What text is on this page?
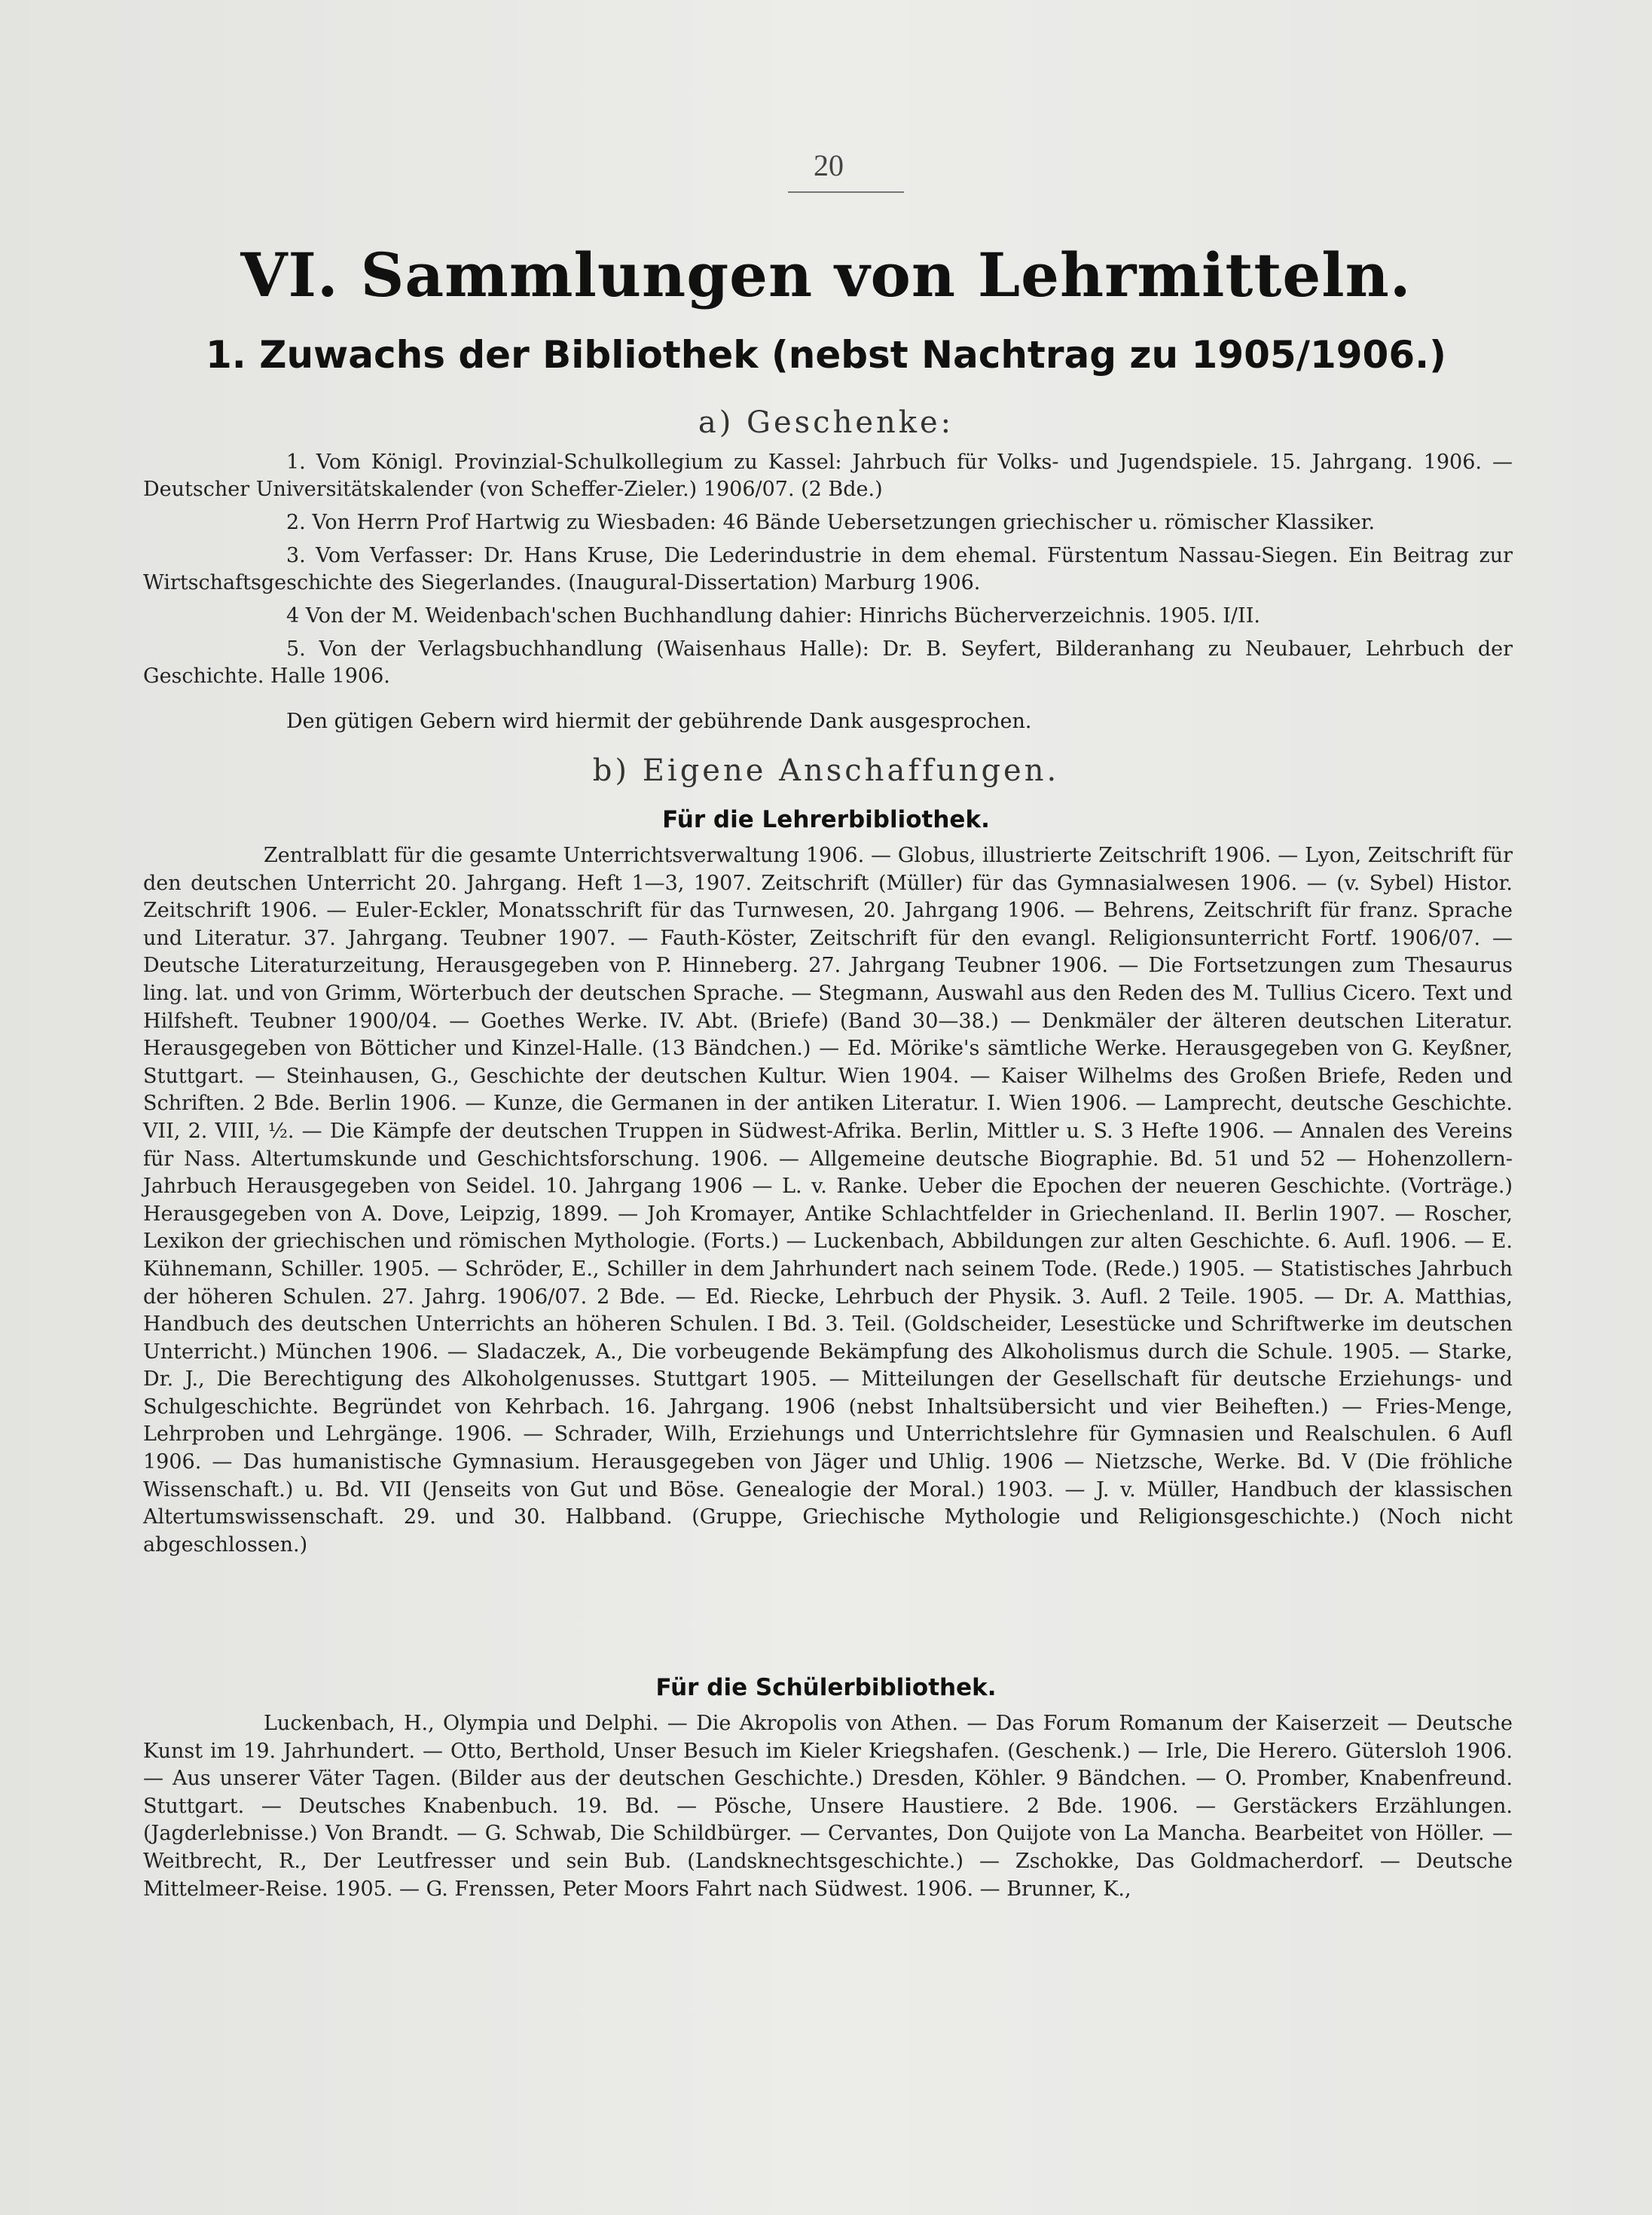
20
VI. Sammlungen von Lehrmitteln.
1. Zuwachs der Bibliothek (nebst Nachtrag zu 1905/1906.)
a) Geschenke:

1. Vom Königl. Provinzial-Schulkollegium zu Kassel: Jahrbuch für Volks- und Jugendspiele. 15. Jahrgang. 1906. — Deutscher Universitätskalender (von Scheffer-Zieler.) 1906/07. (2 Bde.)

2. Von Herrn Prof Hartwig zu Wiesbaden: 46 Bände Uebersetzungen griechischer u. römischer Klassiker.

3. Vom Verfasser: Dr. Hans Kruse, Die Lederindustrie in dem ehemal. Fürstentum Nassau-Siegen. Ein Beitrag zur Wirtschaftsgeschichte des Siegerlandes. (Inaugural-Dissertation) Marburg 1906.

4 Von der M. Weidenbach'schen Buchhandlung dahier: Hinrichs Bücherverzeichnis. 1905. I/II.

5. Von der Verlagsbuchhandlung (Waisenhaus Halle): Dr. B. Seyfert, Bilderanhang zu Neubauer, Lehrbuch der Geschichte. Halle 1906.

Den gütigen Gebern wird hiermit der gebührende Dank ausgesprochen.
b) Eigene Anschaffungen.
Für die Lehrerbibliothek.
Zentralblatt für die gesamte Unterrichtsverwaltung 1906. — Globus, illustrierte Zeitschrift 1906. — Lyon, Zeitschrift für den deutschen Unterricht 20. Jahrgang. Heft 1—3, 1907. Zeitschrift (Müller) für das Gymnasialwesen 1906. — (v. Sybel) Histor. Zeitschrift 1906. — Euler-Eckler, Monatsschrift für das Turnwesen, 20. Jahrgang 1906. — Behrens, Zeitschrift für franz. Sprache und Literatur. 37. Jahrgang. Teubner 1907. — Fauth-Köster, Zeitschrift für den evangl. Religionsunterricht Fortf. 1906/07. — Deutsche Literaturzeitung, Herausgegeben von P. Hinneberg. 27. Jahrgang Teubner 1906. — Die Fortsetzungen zum Thesaurus ling. lat. und von Grimm, Wörterbuch der deutschen Sprache. — Stegmann, Auswahl aus den Reden des M. Tullius Cicero. Text und Hilfsheft. Teubner 1900/04. — Goethes Werke. IV. Abt. (Briefe) (Band 30—38.) — Denkmäler der älteren deutschen Literatur. Herausgegeben von Bötticher und Kinzel-Halle. (13 Bändchen.) — Ed. Mörike's sämtliche Werke. Herausgegeben von G. Keyßner, Stuttgart. — Steinhausen, G., Geschichte der deutschen Kultur. Wien 1904. — Kaiser Wilhelms des Großen Briefe, Reden und Schriften. 2 Bde. Berlin 1906. — Kunze, die Germanen in der antiken Literatur. I. Wien 1906. — Lamprecht, deutsche Geschichte. VII, 2. VIII, ½. — Die Kämpfe der deutschen Truppen in Südwest-Afrika. Berlin, Mittler u. S. 3 Hefte 1906. — Annalen des Vereins für Nass. Altertumskunde und Geschichtsforschung. 1906. — Allgemeine deutsche Biographie. Bd. 51 und 52 — Hohenzollern-Jahrbuch Herausgegeben von Seidel. 10. Jahrgang 1906 — L. v. Ranke. Ueber die Epochen der neueren Geschichte. (Vorträge.) Herausgegeben von A. Dove, Leipzig, 1899. — Joh Kromayer, Antike Schlachtfelder in Griechenland. II. Berlin 1907. — Roscher, Lexikon der griechischen und römischen Mythologie. (Forts.) — Luckenbach, Abbildungen zur alten Geschichte. 6. Aufl. 1906. — E. Kühnemann, Schiller. 1905. — Schröder, E., Schiller in dem Jahrhundert nach seinem Tode. (Rede.) 1905. — Statistisches Jahrbuch der höheren Schulen. 27. Jahrg. 1906/07. 2 Bde. — Ed. Riecke, Lehrbuch der Physik. 3. Aufl. 2 Teile. 1905. — Dr. A. Matthias, Handbuch des deutschen Unterrichts an höheren Schulen. I Bd. 3. Teil. (Goldscheider, Lesestücke und Schriftwerke im deutschen Unterricht.) München 1906. — Sladaczek, A., Die vorbeugende Bekämpfung des Alkoholismus durch die Schule. 1905. — Starke, Dr. J., Die Berechtigung des Alkoholgenusses. Stuttgart 1905. — Mitteilungen der Gesellschaft für deutsche Erziehungs- und Schulgeschichte. Begründet von Kehrbach. 16. Jahrgang. 1906 (nebst Inhaltsübersicht und vier Beiheften.) — Fries-Menge, Lehrproben und Lehrgänge. 1906. — Schrader, Wilh, Erziehungs und Unterrichtslehre für Gymnasien und Realschulen. 6 Aufl 1906. — Das humanistische Gymnasium. Herausgegeben von Jäger und Uhlig. 1906 — Nietzsche, Werke. Bd. V (Die fröhliche Wissenschaft.) u. Bd. VII (Jenseits von Gut und Böse. Genealogie der Moral.) 1903. — J. v. Müller, Handbuch der klassischen Altertumswissenschaft. 29. und 30. Halbband. (Gruppe, Griechische Mythologie und Religionsgeschichte.) (Noch nicht abgeschlossen.)
Für die Schülerbibliothek.
Luckenbach, H., Olympia und Delphi. — Die Akropolis von Athen. — Das Forum Romanum der Kaiserzeit — Deutsche Kunst im 19. Jahrhundert. — Otto, Berthold, Unser Besuch im Kieler Kriegshafen. (Geschenk.) — Irle, Die Herero. Gütersloh 1906. — Aus unserer Väter Tagen. (Bilder aus der deutschen Geschichte.) Dresden, Köhler. 9 Bändchen. — O. Promber, Knabenfreund. Stuttgart. — Deutsches Knabenbuch. 19. Bd. — Pösche, Unsere Haustiere. 2 Bde. 1906. — Gerstäckers Erzählungen. (Jagderlebnisse.) Von Brandt. — G. Schwab, Die Schildbürger. — Cervantes, Don Quijote von La Mancha. Bearbeitet von Höller. — Weitbrecht, R., Der Leutfresser und sein Bub. (Landsknechtsgeschichte.) — Zschokke, Das Goldmacherdorf. — Deutsche Mittelmeer-Reise. 1905. — G. Frenssen, Peter Moors Fahrt nach Südwest. 1906. — Brunner, K.,
